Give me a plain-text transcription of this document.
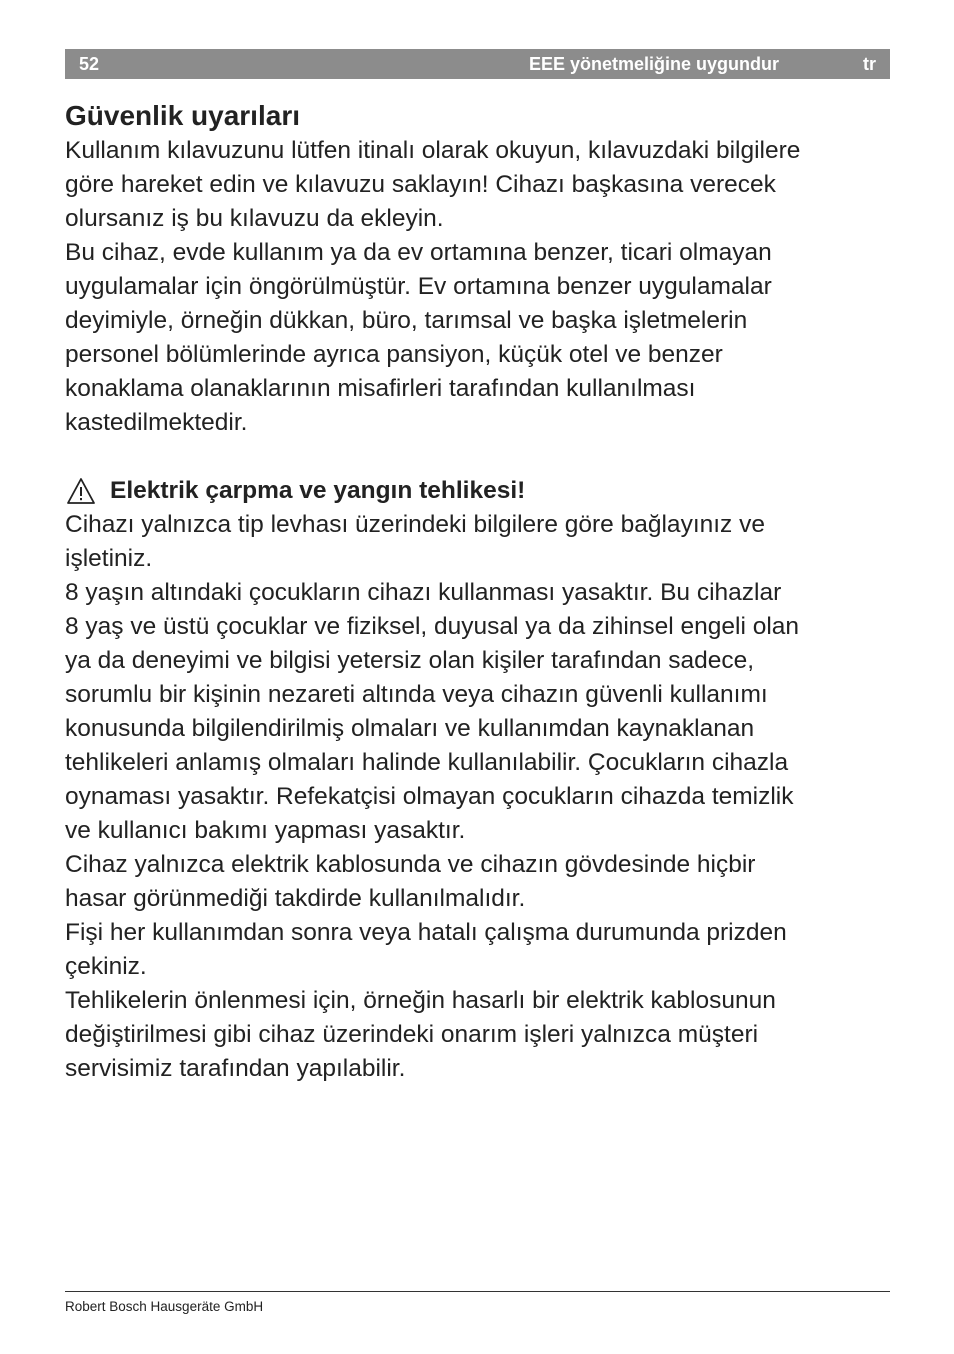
52	EEE yönetmeliğine uygundur	tr
Güvenlik uyarıları

Kullanım kılavuzunu lütfen itinalı olarak okuyun, kılavuzdaki bilgilere
göre hareket edin ve kılavuzu saklayın! Cihazı başkasına verecek
olursanız iş bu kılavuzu da ekleyin.

Bu cihaz, evde kullanım ya da ev ortamına benzer, ticari olmayan
uygulamalar için öngörülmüştür. Ev ortamına benzer uygulamalar
deyimiyle, örneğin dükkan, büro, tarımsal ve başka işletmelerin
personel bölümlerinde ayrıca pansiyon, küçük otel ve benzer
konaklama olanaklarının misafirleri tarafından kullanılması
kastedilmektedir.

Elektrik çarpma ve yangın tehlikesi!

Cihazı yalnızca tip levhası üzerindeki bilgilere göre bağlayınız ve
işletiniz.

8 yaşın altındaki çocukların cihazı kullanması yasaktır. Bu cihazlar
8 yaş ve üstü çocuklar ve fiziksel, duyusal ya da zihinsel engeli olan
ya da deneyimi ve bilgisi yetersiz olan kişiler tarafından sadece,
sorumlu bir kişinin nezareti altında veya cihazın güvenli kullanımı
konusunda bilgilendirilmiş olmaları ve kullanımdan kaynaklanan
tehlikeleri anlamış olmaları halinde kullanılabilir. Çocukların cihazla
oynaması yasaktır. Refekatçisi olmayan çocukların cihazda temizlik
ve kullanıcı bakımı yapması yasaktır.

Cihaz yalnızca elektrik kablosunda ve cihazın gövdesinde hiçbir
hasar görünmediği takdirde kullanılmalıdır.

Fişi her kullanımdan sonra veya hatalı çalışma durumunda prizden
çekiniz.

Tehlikelerin önlenmesi için, örneğin hasarlı bir elektrik kablosunun
değiştirilmesi gibi cihaz üzerindeki onarım işleri yalnızca müşteri
servisimiz tarafından yapılabilir.

Robert Bosch Hausgeräte GmbH
